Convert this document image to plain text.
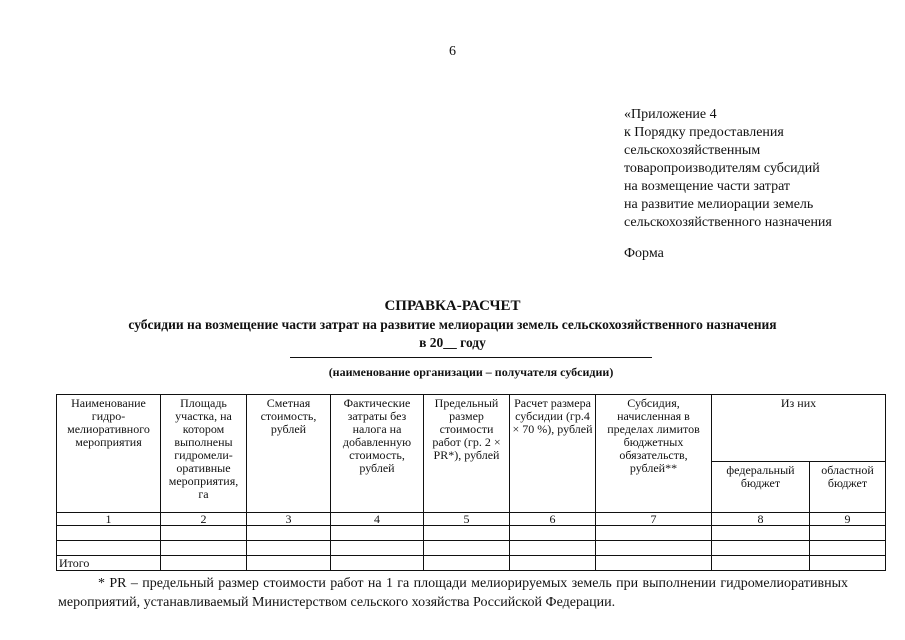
6
«Приложение 4
к Порядку предоставления
сельскохозяйственным
товаропроизводителям субсидий
на возмещение части затрат
на развитие мелиорации земель
сельскохозяйственного назначения
Форма
СПРАВКА-РАСЧЕТ
субсидии на возмещение части затрат на развитие мелиорации земель сельскохозяйственного назначения
в 20__ году
(наименование организации – получателя субсидии)
Наименование гидро-мелиоративного мероприятия	Площадь участка, на котором выполнены гидромели-оративные мероприятия, га	Сметная стоимость, рублей	Фактические затраты без налога на добавленную стоимость, рублей	Предельный размер стоимости работ (гр. 2 × PR*), рублей	Расчет размера субсидии (гр.4 × 70 %), рублей	Субсидия, начисленная в пределах лимитов бюджетных обязательств, рублей**	Из них	
							федеральный бюджет	областной бюджет
1	2	3	4	5	6	7	8	9

Итого								
* PR – предельный размер стоимости работ на 1 га площади мелиорируемых земель при выполнении гидромелиоративных мероприятий, устанавливаемый Министерством сельского хозяйства Российской Федерации.
